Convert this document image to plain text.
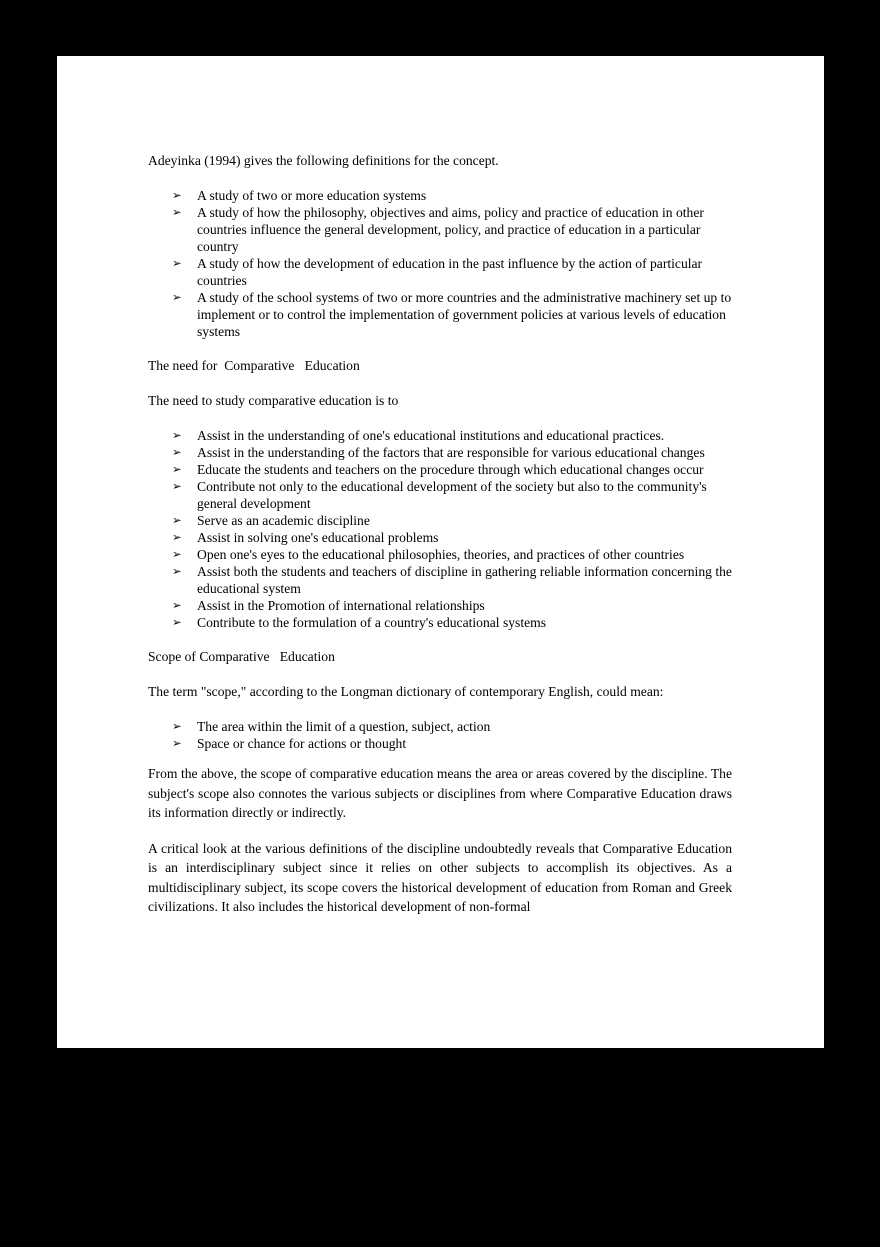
Adeyinka (1994) gives the following definitions for the concept.

➢ A study of two or more education systems
➢ A study of how the philosophy, objectives and aims, policy and practice of education in other countries influence the general development, policy, and practice of education in a particular country
➢ A study of how the development of education in the past influence by the action of particular countries
➢ A study of the school systems of two or more countries and the administrative machinery set up to implement or to control the implementation of government policies at various levels of education systems

The need for  Comparative   Education

The need to study comparative education is to

➢ Assist in the understanding of one's educational institutions and educational practices.
➢ Assist in the understanding of the factors that are responsible for various educational changes
➢ Educate the students and teachers on the procedure through which educational changes occur
➢ Contribute not only to the educational development of the society but also to the community's general development
➢ Serve as an academic discipline
➢ Assist in solving one's educational problems
➢ Open one's eyes to the educational philosophies, theories, and practices of other countries
➢ Assist both the students and teachers of discipline in gathering reliable information concerning the educational system
➢ Assist in the Promotion of international relationships
➢ Contribute to the formulation of a country's educational systems

Scope of Comparative   Education

The term "scope," according to the Longman dictionary of contemporary English, could mean:

➢ The area within the limit of a question, subject, action
➢ Space or chance for actions or thought

From the above, the scope of comparative education means the area or areas covered by the discipline. The subject's scope also connotes the various subjects or disciplines from where Comparative Education draws its information directly or indirectly.

A critical look at the various definitions of the discipline undoubtedly reveals that Comparative Education is an interdisciplinary subject since it relies on other subjects to accomplish its objectives. As a multidisciplinary subject, its scope covers the historical development of education from Roman and Greek civilizations. It also includes the historical development of non-formal
